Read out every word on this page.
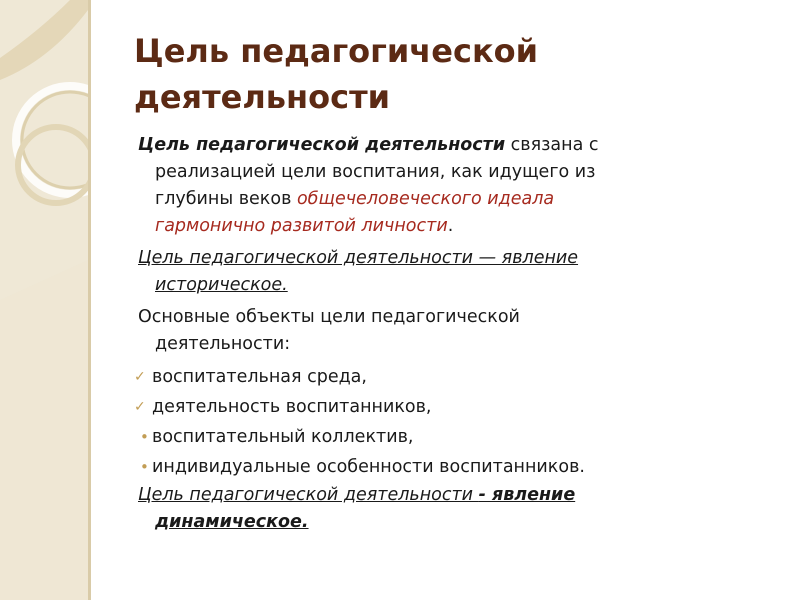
Цель педагогической деятельности

Цель педагогической деятельности связана с
реализацией цели воспитания, как идущего из
глубины веков общечеловеческого идеала
гармонично развитой личности.

Цель педагогической деятельности — явление
историческое.

Основные объекты цели педагогической
деятельности:

✓ воспитательная среда,
✓ деятельность воспитанников,
• воспитательный коллектив,
• индивидуальные особенности воспитанников.

Цель педагогической деятельности - явление
динамическое.
